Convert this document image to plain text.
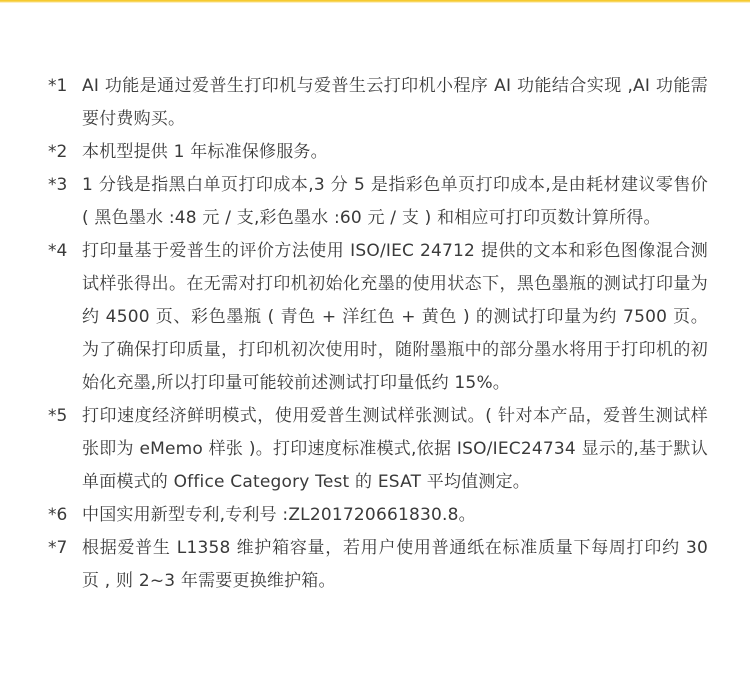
*1 AI 功能是通过爱普生打印机与爱普生云打印机小程序 AI 功能结合实现 ,AI 功能需要付费购买。
*2 本机型提供 1 年标准保修服务。
*3 1 分钱是指黑白单页打印成本,3 分 5 是指彩色单页打印成本,是由耗材建议零售价 ( 黑色墨水 :48 元 / 支,彩色墨水 :60 元 / 支 ) 和相应可打印页数计算所得。
*4 打印量基于爱普生的评价方法使用 ISO/IEC 24712 提供的文本和彩色图像混合测试样张得出。在无需对打印机初始化充墨的使用状态下，黑色墨瓶的测试打印量为约 4500 页、彩色墨瓶 ( 青色 + 洋红色 + 黄色 ) 的测试打印量为约 7500 页。为了确保打印质量，打印机初次使用时，随附墨瓶中的部分墨水将用于打印机的初始化充墨,所以打印量可能较前述测试打印量低约 15%。
*5 打印速度经济鲜明模式，使用爱普生测试样张测试。( 针对本产品，爱普生测试样张即为 eMemo 样张 )。打印速度标准模式,依据 ISO/IEC24734 显示的,基于默认单面模式的 Office Category Test 的 ESAT 平均值测定。
*6 中国实用新型专利,专利号 :ZL201720661830.8。
*7 根据爱普生 L1358 维护箱容量，若用户使用普通纸在标准质量下每周打印约 30 页 , 则 2~3 年需要更换维护箱。
